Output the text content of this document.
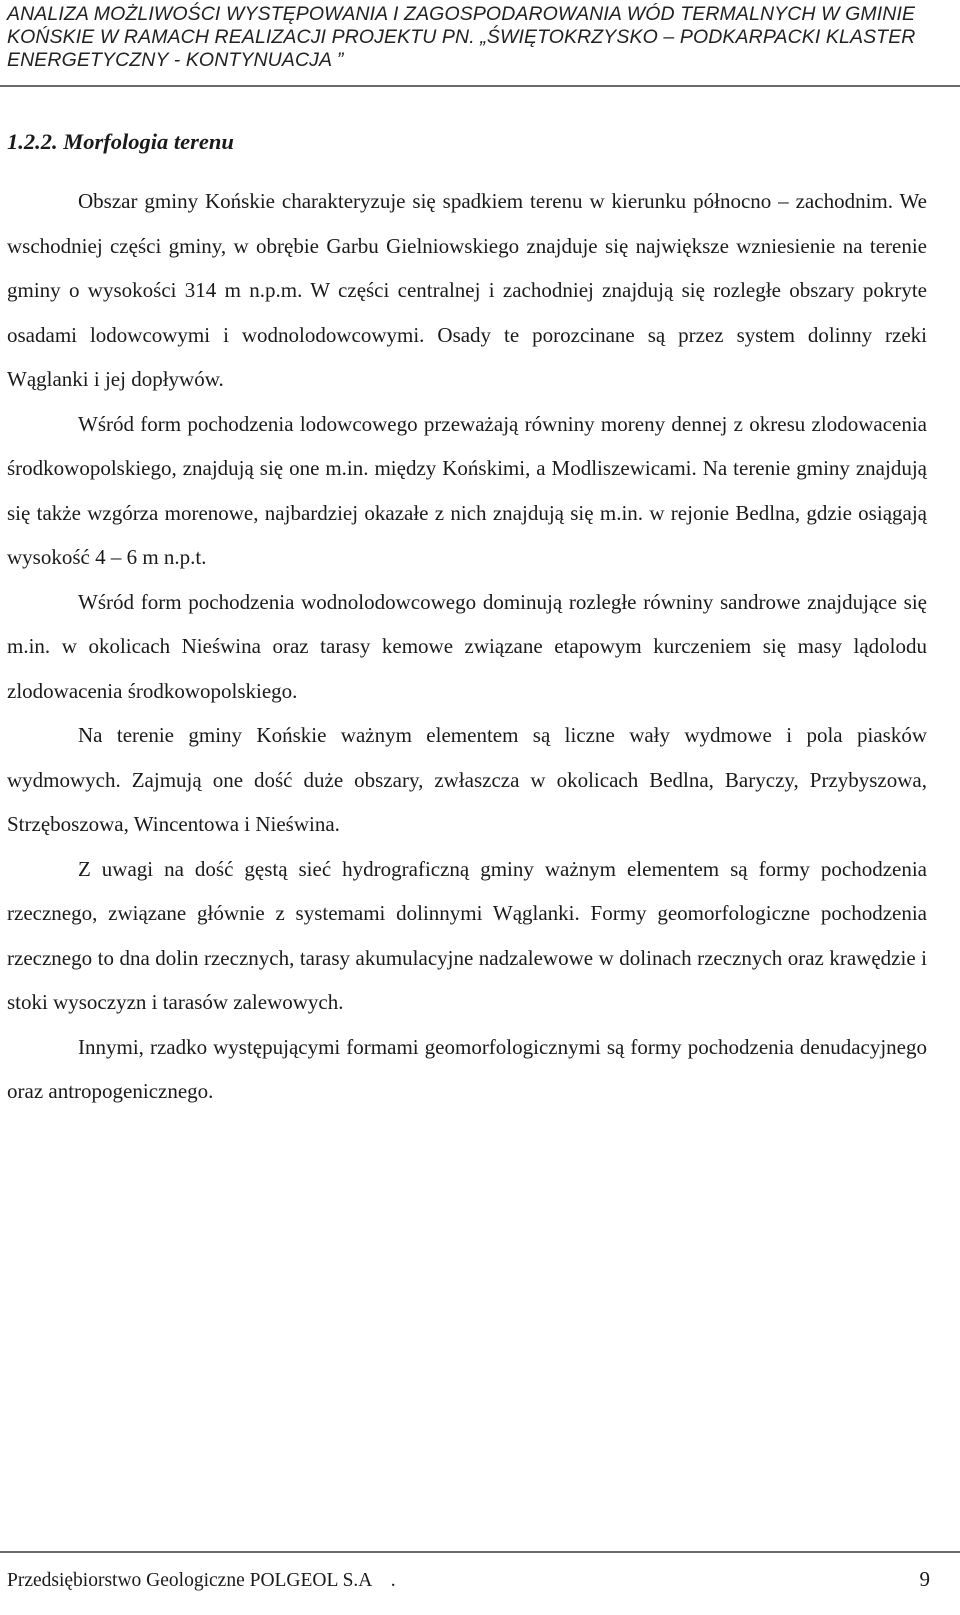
ANALIZA MOŻLIWOŚCI WYSTĘPOWANIA I ZAGOSPODAROWANIA WÓD TERMALNYCH W GMINIE KOŃSKIE W RAMACH REALIZACJI PROJEKTU PN. „ŚWIĘTOKRZYSKO – PODKARPACKI KLASTER ENERGETYCZNY - KONTYNUACJA ”
1.2.2. Morfologia terenu

Obszar gminy Końskie charakteryzuje się spadkiem terenu w kierunku północno – zachodnim. We wschodniej części gminy, w obrębie Garbu Gielniowskiego znajduje się największe wzniesienie na terenie gminy o wysokości 314 m n.p.m. W części centralnej i zachodniej znajdują się rozległe obszary pokryte osadami lodowcowymi i wodnolodowcowymi. Osady te porozcinane są przez system dolinny rzeki Wąglanki i jej dopływów.

Wśród form pochodzenia lodowcowego przeważają równiny moreny dennej z okresu zlodowacenia środkowopolskiego, znajdują się one m.in. między Końskimi, a Modliszewicami. Na terenie gminy znajdują się także wzgórza morenowe, najbardziej okazałe z nich znajdują się m.in. w rejonie Bedlna, gdzie osiągają wysokość 4 – 6 m n.p.t.

Wśród form pochodzenia wodnolodowcowego dominują rozległe równiny sandrowe znajdujące się m.in. w okolicach Nieświna oraz tarasy kemowe związane etapowym kurczeniem się masy lądolodu zlodowacenia środkowopolskiego.

Na terenie gminy Końskie ważnym elementem są liczne wały wydmowe i pola piasków wydmowych. Zajmują one dość duże obszary, zwłaszcza w okolicach Bedlna, Baryczy, Przybyszowa, Strzęboszowa, Wincentowa i Nieświna.

Z uwagi na dość gęstą sieć hydrograficzną gminy ważnym elementem są formy pochodzenia rzecznego, związane głównie z systemami dolinnymi Wąglanki. Formy geomorfologiczne pochodzenia rzecznego to dna dolin rzecznych, tarasy akumulacyjne nadzalewowe w dolinach rzecznych oraz krawędzie i stoki wysoczyzn i tarasów zalewowych.

Innymi, rzadko występującymi formami geomorfologicznymi są formy pochodzenia denudacyjnego oraz antropogenicznego.

Przedsiębiorstwo Geologiczne POLGEOL S.A    .	9
